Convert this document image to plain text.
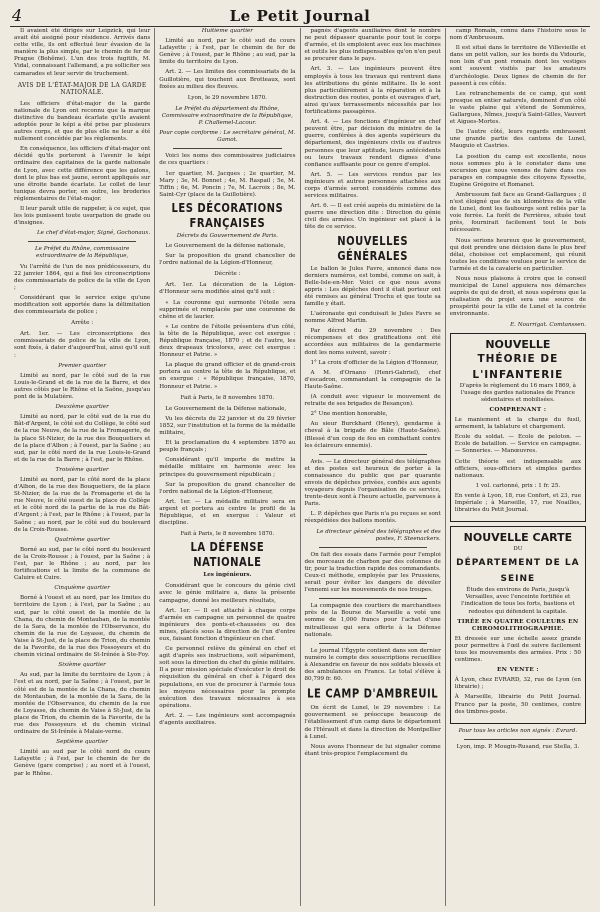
4	Le Petit Journal

Il avaient été dirigés sur Leipzick, qui leur avait été assigné pour résidence. Arrivés dans cette ville, ils ont effectué leur évasion de la manière la plus simple, par le chemin de fer de Prague (Bohême). L'un des trois fugitifs, M. Vidal, connaissant l'allemand, a pu solliciter ses camarades et leur servir de truchement.

AVIS DE L'ÉTAT-MAJOR DE LA GARDE NATIONALE.

Les officiers d'état-major de la garde nationale de Lyon ont reconnu que la marque distinctive du bandeau écarlate qu'ils avaient adoptée pour le képi a été prise par plusieurs autres corps, et que de plus elle ne leur a été nullement concédée par les règlements.

En conséquence, les officiers d'état-major ont décidé qu'ils porteront à l'avenir le képi ordinaire des capitaines de la garde nationale de Lyon, avec cette différence que les galons, dont le plus bas est jaune, seront appliqués sur une étroite bande écarlate. Le collet de leur tunique devra porter, en outre, les broderies réglementaires de l'état-major.

Il leur paraît utile de rappeler, à ce sujet, que les lois punissent toute usurpation de grade ou d'insignes.

Le chef d'état-major, Signé, Gochonaux.

Le Préfet du Rhône, commissaire extraordinaire de la République,

Vu l'arrêté de l'un de nos prédécesseurs, du 22 janvier 1864, qui a fixé les circonscriptions des commissariats de police de la ville de Lyon ;

Considérant que le service exige qu'une modification soit apportée dans la délimitation des commissariats de police ;

Arrête :

Art. 1er. — Les circonscriptions des commissariats de police de la ville de Lyon, sont fixés, à dater d'aujourd'hui, ainsi qu'il suit :

Premier quartier

Limité au nord, par le côté sud de la rue Louis-le-Grand et de la rue de la Barre, et des autres côtés par le Rhône et la Saône, jusqu'au pont de la Mulatière.

Deuxième quartier

Limité au nord, par le côté sud de la rue du Bât-d'Argent, le côté est du Collège, le côté sud de la rue Neuve, de la rue de la Fromagerie, de la place St-Nizier, de la rue des Bouquetiers et de la place d'Albon ; à l'ouest, par la Saône ; au sud, par le côté nord de la rue Louis-le-Grand et de la rue de la Barre ; à l'est, par le Rhône.

Troisième quartier

Limité au nord, par le côté nord de la place d'Albon, de la rue des Bouquetiers, de la place St-Nizier, de la rue de la Fromagerie et de la rue Neuve, le côté ouest de la place du Collège et le côté nord de la partie de la rue du Bât-d'Argent ; à l'est, par le Rhône ; à l'ouest, par la Saône ; au nord, par le côté sud du boulevard de la Croix-Rousse.

Quatrième quartier

Borné au sud, par le côté nord du boulevard de la Croix-Rousse ; à l'ouest, par la Saône ; à l'est, par le Rhône ; au nord, par les fortifications et la limite de la commune de Caluire et Cuire.

Cinquième quartier

Borné à l'ouest et au nord, par les limites du territoire de Lyon ; à l'est, par la Saône ; au sud, par le côté ouest de la montée de la Chana, du chemin de Montauban, de la montée de la Sara, de la montée de l'Observance, du chemin de la rue de Loyasse, du chemin de Vaise à St-Just, de la place de Trion, du chemin de la Favorite, de la rue des Fossoyeurs et du chemin vicinal ordinaire de St-Irénée à Ste-Foy.

Sixième quartier

Au sud, par la limite du territoire de Lyon ; à l'est et au nord, par la Saône ; à l'ouest, par le côté est de la montée de la Chana, du chemin de Montauban, de la montée de la Sara, de la montée de l'Observance, du chemin de la rue de Loyasse, du chemin de Vaise à St-Just, de la place de Trion, du chemin de la Favorite, de la rue des Fossoyeurs et du chemin vicinal ordinaire de St-Irénée à Malaie-verne.

Septième quartier

Limité au sud par le côté nord du cours Lafayette ; à l'est, par le chemin de fer de Genève (gare comprise) ; au nord et à l'ouest, par le Rhône.

Huitième quartier

Limité au nord, par le côté sud du cours Lafayette ; à l'est, par le chemin de fer de Genève ; à l'ouest, par le Rhône ; au sud, par la limite du territoire de Lyon.

Art. 2. — Les limites des commissariats de la Guillotière, qui touchent aux Brotteaux, sont fixées au milieu des fleuves.

Lyon, le 29 novembre 1870.

Le Préfet du département du Rhône, Commissaire extraordinaire de la République, P. Challemel-Lacour.

Pour copie conforme : Le secrétaire général, M. Gamot.

Voici les noms des commissaires judiciaires de ces quartiers :

1er quartier, M. Jacques ; 2e quartier, M. Mary ; 3e, M. Bonnet ; 4e, M. Raspail ; 5e, M. Tiffin ; 6e, M. Poncin ; 7e, M. Lacroix ; 8e, M. Saint-Cyr (place de la Guillotière).

LES DÉCORATIONS FRANÇAISES

Décrets du Gouvernement de Paris.

Le Gouvernement de la défense nationale,

Sur la proposition du grand chancelier de l'ordre national de la Légion-d'Honneur,

Décrète :

Art. 1er. La décoration de la Légion-d'Honneur sera modifiée ainsi qu'il suit :

« La couronne qui surmonte l'étoile sera supprimée et remplacée par une couronne de chêne et de laurier.

« Le centre de l'étoile présentera d'un côté, la tête de la République, avec cet exergue : République française, 1870 ; et de l'autre, les deux drapeaux tricolores, avec cet exergue : Honneur et Patrie. »

La plaque du grand officier et de grand-croix portera au centre la tête de la République, et en exergue : « République française, 1870, Honneur et Patrie. »

Fait à Paris, le 8 novembre 1870.

Le Gouvernement de la Défense nationale,

Vu les décrets du 22 janvier et du 29 février 1852, sur l'institution et la forme de la médaille militaire,

Et la proclamation du 4 septembre 1870 au peuple français ;

Considérant qu'il importe de mettre la médaille militaire en harmonie avec les principes du gouvernement républicain ;

Sur la proposition du grand chancelier de l'ordre national de la Légion-d'Honneur,

Art. 1er. — La médaille militaire sera en argent et portera au centre le profil de la République, et en exergue : Valeur et discipline.

Fait à Paris, le 8 novembre 1870.

LA DÉFENSE NATIONALE

Les ingénieurs.

Considérant que le concours du génie civil avec le génie militaire a, dans la présente campagne, donné les meilleurs résultats,

Art. 1er. — Il est attaché à chaque corps d'armée en campagne un personnel de quatre ingénieurs des ponts-et-chaussées ou des mines, placés sous la direction de l'un d'entre eux, faisant fonction d'ingénieur en chef.

Ce personnel relève du général en chef et agit d'après ses instructions, soit séparément, soit sous la direction du chef du génie militaire. Il a pour mission spéciale d'exécuter le droit de réquisition du général en chef à l'égard des populations, en vue de procurer à l'armée tous les moyens nécessaires pour la prompte exécution des travaux nécessaires à ses opérations.

Art. 2. — Les ingénieurs sont accompagnés d'agents auxiliaires.

pagnés d'agents auxiliaires dont le nombre ne peut dépasser quarante pour tout le corps d'armée, et ils emploient avec eux les machines et outils les plus indispensables qu'on n'en peut se procurer dans le pays.

Art. 3. — Les ingénieurs peuvent être employés à tous les travaux qui rentrent dans les attributions du génie militaire. Ils le sont plus particulièrement à la réparation et à la destruction des routes, ponts et ouvrages d'art, ainsi qu'aux terrassements nécessités par les fortifications passagères.

Art. 4. — Les fonctions d'ingénieur en chef peuvent être, par décision du ministre de la guerre, conférées à des agents supérieurs du département, des ingénieurs civils ou d'autres personnes que leur aptitude, leurs antécédents ou leurs travaux rendent dignes d'une confiance suffisante pour ce genre d'emploi.

Art. 5. — Les services rendus par les ingénieurs et autres personnes attachées aux corps d'armée seront considérés comme des services militaires.

Art. 6. — Il est créé auprès du ministère de la guerre une direction dite : Direction du génie civil des armées. Un ingénieur est placé à la tête de ce service.

NOUVELLES GÉNÉRALES

Le ballon le Jules Favre, annoncé dans nos derniers numéros, est tombé, comme on sait, à Belle-Isle-en-Mer. Voici ce que nous avons appris : Les dépêches dont il était porteur ont été remises au général Trochu et que toute sa famille y était.

L'aéronaute qui conduisait le Jules Favre se nomme Alfred Martin.

Par décret du 29 novembre : Des récompenses et des gratifications ont été accordées aux militaires de la gendarmerie dont les noms suivent, savoir :

1° La croix d'officier de la Légion d'Honneur,

A M. d'Ornano (Henri-Gabriel), chef d'escadron, commandant la compagnie de la Haute-Saône.

(A conduit avec vigueur le mouvement de retraite de ses brigades de Besançon).

2° Une mention honorable,

Au sieur Burckhard (Henry), gendarme à cheval à la brigade de Bâle (Haute-Saône). (Blessé d'un coup de feu en combattant contre les éclaireurs ennemis).

Avis. — Le directeur général des télégraphes et des postes est heureux de porter à la connaissance du public que par quarante envois de dépêches privées, confiés aux agents voyageurs depuis l'organisation de ce service, trente-deux sont à l'heure actuelle, parvenues à Paris.

L. P. dépêches que Paris n'a pu reçues se sont réexpédiées des ballons montés.

Le directeur général des télégraphes et des postes, F. Steenackers.

On fait des essais dans l'armée pour l'emploi des morceaux de charbon par des colonnes de tir, pour la traduction rapide des commandants. Ceux-ci méthode, employée par les Prussiens, serait pour éviter les dangers de dévoiler l'ennemi sur les mouvements de nos troupes.

La compagnie des courtiers de marchandises près de la Bourse de Marseille a voté une somme de 1,000 francs pour l'achat d'une mitrailleuse qui sera offerte à la Défense nationale.

Le journal l'Égypte contient dans son dernier numéro le compte des souscriptions recueillies à Alexandrie en faveur de nos soldats blessés et des ambulances en France. Le total s'élève à 80,799 fr. 60.

LE CAMP D'AMBREUIL

On écrit de Lunel, le 29 novembre : Le gouvernement se préoccupe beaucoup de l'établissement d'un camp dans le département de l'Hérault et dans la direction de Montpellier à Lunel.

Nous avons l'honneur de lui signaler comme étant très-propice l'emplacement du

camp Romain, connu dans l'histoire sous le nom d'Ambrussum.

Il est situé dans le territoire de Villevieille et dans un petit vallon, sur les bords du Vidourle, non loin d'un pont romain dont les vestiges sont souvent visités par les amateurs d'archéologie. Deux lignes de chemin de fer passent à ces côtés.

Les retranchements de ce camp, qui sont presque en entier naturels, dominent d'un côté le vaste plaine qui s'étend de Sommières, Gallargues, Nîmes, jusqu'à Saint-Gilles, Vauvert et Aigues-Mortes.

De l'autre côté, leurs regards embrassent une grande partie des cantons de Lunel, Mauguio et Castries.

La position du camp est excellente, nous nous sommes plu à le constater dans une excursion que nous venons de faire dans ces parages en compagnie des citoyens Eyssette, Eugène Grégoire et Romanet.

Ambrussum fait face au Grand-Gallargues ; il n'est éloigné que de six kilomètres de la ville de Lunel, dont les faubourgs sont reliés par la voie ferrée. La forêt de Ferrières, située tout près, fournirait facilement tout le bois nécessaire.

Nous serions heureux que le gouvernement, qui doit prendre une décision dans le plus bref délai, choisisse cet emplacement, qui réunit toutes les conditions voulues pour le service de l'armée et de la cavalerie en particulier.

Nous nous plaisons à croire que le conseil municipal de Lunel appuiera nos démarches auprès de qui de droit, et nous espérons que la réalisation du projet sera une source de prospérité pour la ville de Lunel et la contrée environnante.

E. Nourrigat. Comtanssen.

NOUVELLE
THÉORIE DE L'INFANTERIE

D'après le règlement du 16 mars 1869, à l'usage des gardes nationales de France sédentaires et mobilisées.

COMPRENANT :

Le maniement et la charge du fusil, armement, la tablature et chargement.

Ecole du soldat. — Ecole de peloton. — Ecole de bataillon. — Service en campagne. — Sonneries. — Manœuvres.

Cette théorie est indispensable aux officiers, sous-officiers et simples gardes nationaux.

1 vol. cartonné, prix : 1 fr. 25.

En vente à Lyon, 18, rue Confort, et 23, rue Impériale ; à Marseille, 17, rue Noailles, librairies du Petit Journal.

NOUVELLE CARTE
DU
DÉPARTEMENT DE LA SEINE

Étude des environs de Paris, jusqu'à Versailles, avec l'enceinte fortifiée et l'indication de tous les forts, bastions et redoutes qui défendent la capitale.

TIRÉE EN QUATRE COULEURS EN CHROMOLITHOGRAPHIE.

Et dressée sur une échelle assez grande pour permettre à l'œil de suivre facilement tous les mouvements des armées. Prix : 50 centimes.

EN VENTE :

À Lyon, chez EVRARD, 32, rue de Lyon (en librairie) ;

À Marseille, librairie du Petit Journal. Franco par la poste, 50 centimes, contre des timbres-poste.

Pour tous les articles non signés : Evrard.

Lyon, imp. P. Mougin-Rusand, rue Stella, 3.
